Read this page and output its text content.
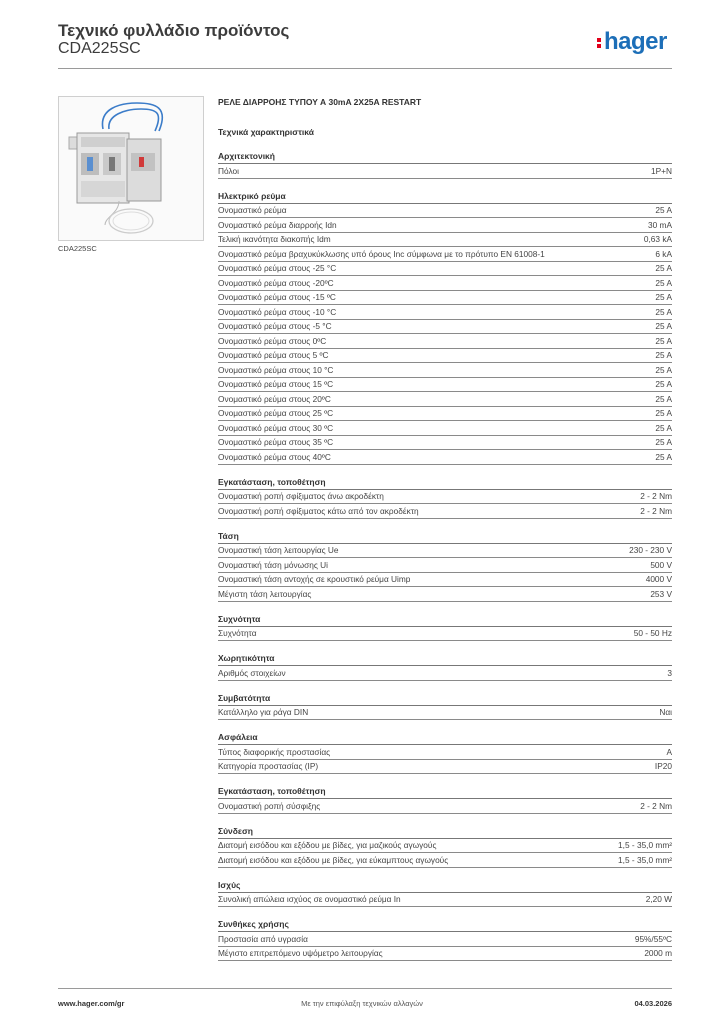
Τεχνικό φυλλάδιο προϊόντος
CDA225SC	hager
CDA225SC
ΡΕΛΕ ΔΙΑΡΡΟΗΣ ΤΥΠΟΥ Α 30mA 2X25A RESTART
Τεχνικά χαρακτηριστικά
Αρχιτεκτονική
Πόλοι	1P+N
Ηλεκτρικό ρεύμα
Ονομαστικό ρεύμα	25 A
Ονομαστικό ρεύμα διαρροής Idn	30 mA
Τελική ικανότητα διακοπής Idm	0,63 kA
Ονομαστικό ρεύμα βραχυκύκλωσης υπό όρους Inc σύμφωνα με το πρότυπο EN 61008-1	6 kA
Ονομαστικό ρεύμα στους -25 °C	25 A
Ονομαστικό ρεύμα στους -20ºC	25 A
Ονομαστικό ρεύμα στους -15 ºC	25 A
Ονομαστικό ρεύμα στους -10 °C	25 A
Ονομαστικό ρεύμα στους -5 °C	25 A
Ονομαστικό ρεύμα στους 0ºC	25 A
Ονομαστικό ρεύμα στους 5 ºC	25 A
Ονομαστικό ρεύμα στους 10 °C	25 A
Ονομαστικό ρεύμα στους 15 ºC	25 A
Ονομαστικό ρεύμα στους 20ºC	25 A
Ονομαστικό ρεύμα στους 25 ºC	25 A
Ονομαστικό ρεύμα στους 30 ºC	25 A
Ονομαστικό ρεύμα στους 35 ºC	25 A
Ονομαστικό ρεύμα στους 40ºC	25 A
Εγκατάσταση, τοποθέτηση
Ονομαστική ροπή σφίξιματος άνω ακροδέκτη	2 - 2 Nm
Ονομαστική ροπή σφίξιματος κάτω από τον ακροδέκτη	2 - 2 Nm
Τάση
Ονομαστική τάση λειτουργίας Ue	230 - 230 V
Ονομαστική τάση μόνωσης Ui	500 V
Ονομαστική τάση αντοχής σε κρουστικό ρεύμα Uimp	4000 V
Μέγιστη τάση λειτουργίας	253 V
Συχνότητα
Συχνότητα	50 - 50 Hz
Χωρητικότητα
Αριθμός στοιχείων	3
Συμβατότητα
Κατάλληλο για ράγα DIN	Ναι
Ασφάλεια
Τύπος διαφορικής προστασίας	A
Κατηγορία προστασίας (IP)	IP20
Εγκατάσταση, τοποθέτηση
Ονομαστική ροπή σύσφιξης	2 - 2 Nm
Σύνδεση
Διατομή εισόδου και εξόδου με βίδες, για μαζικούς αγωγούς	1,5 - 35,0 mm²
Διατομή εισόδου και εξόδου με βίδες, για εύκαμπτους αγωγούς	1,5 - 35,0 mm²
Ισχύς
Συνολική απώλεια ισχύος σε ονομαστικό ρεύμα In	2,20 W
Συνθήκες χρήσης
Προστασία από υγρασία	95%/55ºC
Μέγιστο επιτρεπόμενο υψόμετρο λειτουργίας	2000 m
www.hager.com/gr	Με την επιφύλαξη τεχνικών αλλαγών	04.03.2026
